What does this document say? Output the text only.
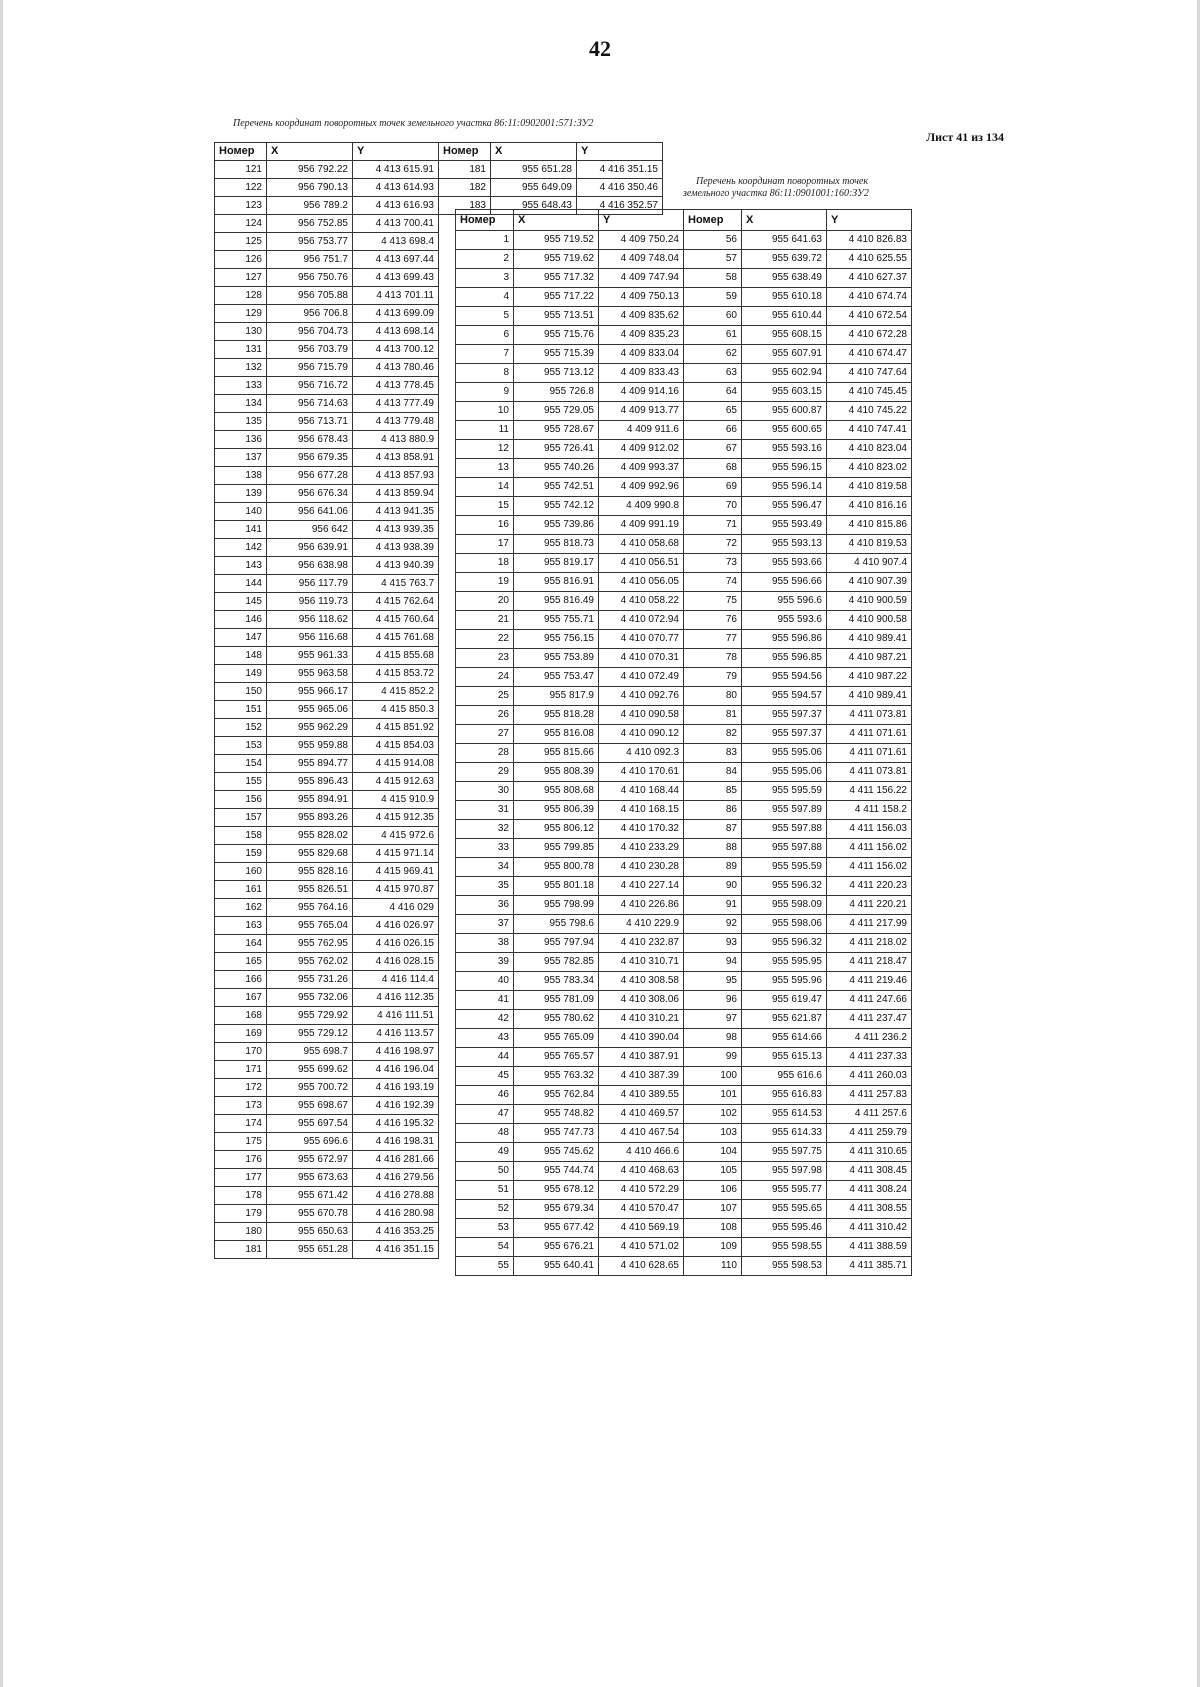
42
Лист 41 из 134
Перечень координат поворотных точек земельного участка 86:11:0902001:571:ЗУ2
Перечень координат поворотных точек
земельного участка 86:11:0901001:160:ЗУ2
Номер	X	Y
121	956 792.22	4 413 615.91
122	956 790.13	4 413 614.93
123	956 789.2	4 413 616.93
124	956 752.85	4 413 700.41
125	956 753.77	4 413 698.4
126	956 751.7	4 413 697.44
127	956 750.76	4 413 699.43
128	956 705.88	4 413 701.11
129	956 706.8	4 413 699.09
130	956 704.73	4 413 698.14
131	956 703.79	4 413 700.12
132	956 715.79	4 413 780.46
133	956 716.72	4 413 778.45
134	956 714.63	4 413 777.49
135	956 713.71	4 413 779.48
136	956 678.43	4 413 880.9
137	956 679.35	4 413 858.91
138	956 677.28	4 413 857.93
139	956 676.34	4 413 859.94
140	956 641.06	4 413 941.35
141	956 642	4 413 939.35
142	956 639.91	4 413 938.39
143	956 638.98	4 413 940.39
144	956 117.79	4 415 763.7
145	956 119.73	4 415 762.64
146	956 118.62	4 415 760.64
147	956 116.68	4 415 761.68
148	955 961.33	4 415 855.68
149	955 963.58	4 415 853.72
150	955 966.17	4 415 852.2
151	955 965.06	4 415 850.3
152	955 962.29	4 415 851.92
153	955 959.88	4 415 854.03
154	955 894.77	4 415 914.08
155	955 896.43	4 415 912.63
156	955 894.91	4 415 910.9
157	955 893.26	4 415 912.35
158	955 828.02	4 415 972.6
159	955 829.68	4 415 971.14
160	955 828.16	4 415 969.41
161	955 826.51	4 415 970.87
162	955 764.16	4 416 029
163	955 765.04	4 416 026.97
164	955 762.95	4 416 026.15
165	955 762.02	4 416 028.15
166	955 731.26	4 416 114.4
167	955 732.06	4 416 112.35
168	955 729.92	4 416 111.51
169	955 729.12	4 416 113.57
170	955 698.7	4 416 198.97
171	955 699.62	4 416 196.04
172	955 700.72	4 416 193.19
173	955 698.67	4 416 192.39
174	955 697.54	4 416 195.32
175	955 696.6	4 416 198.31
176	955 672.97	4 416 281.66
177	955 673.63	4 416 279.56
178	955 671.42	4 416 278.88
179	955 670.78	4 416 280.98
180	955 650.63	4 416 353.25
181	955 651.28	4 416 351.15
Номер	X	Y
181	955 651.28	4 416 351.15
182	955 649.09	4 416 350.46
183	955 648.43	4 416 352.57
Номер	X	Y	Номер	X	Y
1	955 719.52	4 409 750.24	56	955 641.63	4 410 826.83
2	955 719.62	4 409 748.04	57	955 639.72	4 410 625.55
3	955 717.32	4 409 747.94	58	955 638.49	4 410 627.37
4	955 717.22	4 409 750.13	59	955 610.18	4 410 674.74
5	955 713.51	4 409 835.62	60	955 610.44	4 410 672.54
6	955 715.76	4 409 835.23	61	955 608.15	4 410 672.28
7	955 715.39	4 409 833.04	62	955 607.91	4 410 674.47
8	955 713.12	4 409 833.43	63	955 602.94	4 410 747.64
9	955 726.8	4 409 914.16	64	955 603.15	4 410 745.45
10	955 729.05	4 409 913.77	65	955 600.87	4 410 745.22
11	955 728.67	4 409 911.6	66	955 600.65	4 410 747.41
12	955 726.41	4 409 912.02	67	955 593.16	4 410 823.04
13	955 740.26	4 409 993.37	68	955 596.15	4 410 823.02
14	955 742.51	4 409 992.96	69	955 596.14	4 410 819.58
15	955 742.12	4 409 990.8	70	955 596.47	4 410 816.16
16	955 739.86	4 409 991.19	71	955 593.49	4 410 815.86
17	955 818.73	4 410 058.68	72	955 593.13	4 410 819.53
18	955 819.17	4 410 056.51	73	955 593.66	4 410 907.4
19	955 816.91	4 410 056.05	74	955 596.66	4 410 907.39
20	955 816.49	4 410 058.22	75	955 596.6	4 410 900.59
21	955 755.71	4 410 072.94	76	955 593.6	4 410 900.58
22	955 756.15	4 410 070.77	77	955 596.86	4 410 989.41
23	955 753.89	4 410 070.31	78	955 596.85	4 410 987.21
24	955 753.47	4 410 072.49	79	955 594.56	4 410 987.22
25	955 817.9	4 410 092.76	80	955 594.57	4 410 989.41
26	955 818.28	4 410 090.58	81	955 597.37	4 411 073.81
27	955 816.08	4 410 090.12	82	955 597.37	4 411 071.61
28	955 815.66	4 410 092.3	83	955 595.06	4 411 071.61
29	955 808.39	4 410 170.61	84	955 595.06	4 411 073.81
30	955 808.68	4 410 168.44	85	955 595.59	4 411 156.22
31	955 806.39	4 410 168.15	86	955 597.89	4 411 158.2
32	955 806.12	4 410 170.32	87	955 597.88	4 411 156.03
33	955 799.85	4 410 233.29	88	955 597.88	4 411 156.02
34	955 800.78	4 410 230.28	89	955 595.59	4 411 156.02
35	955 801.18	4 410 227.14	90	955 596.32	4 411 220.23
36	955 798.99	4 410 226.86	91	955 598.09	4 411 220.21
37	955 798.6	4 410 229.9	92	955 598.06	4 411 217.99
38	955 797.94	4 410 232.87	93	955 596.32	4 411 218.02
39	955 782.85	4 410 310.71	94	955 595.95	4 411 218.47
40	955 783.34	4 410 308.58	95	955 595.96	4 411 219.46
41	955 781.09	4 410 308.06	96	955 619.47	4 411 247.66
42	955 780.62	4 410 310.21	97	955 621.87	4 411 237.47
43	955 765.09	4 410 390.04	98	955 614.66	4 411 236.2
44	955 765.57	4 410 387.91	99	955 615.13	4 411 237.33
45	955 763.32	4 410 387.39	100	955 616.6	4 411 260.03
46	955 762.84	4 410 389.55	101	955 616.83	4 411 257.83
47	955 748.82	4 410 469.57	102	955 614.53	4 411 257.6
48	955 747.73	4 410 467.54	103	955 614.33	4 411 259.79
49	955 745.62	4 410 466.6	104	955 597.75	4 411 310.65
50	955 744.74	4 410 468.63	105	955 597.98	4 411 308.45
51	955 678.12	4 410 572.29	106	955 595.77	4 411 308.24
52	955 679.34	4 410 570.47	107	955 595.65	4 411 308.55
53	955 677.42	4 410 569.19	108	955 595.46	4 411 310.42
54	955 676.21	4 410 571.02	109	955 598.55	4 411 388.59
55	955 640.41	4 410 628.65	110	955 598.53	4 411 385.71
